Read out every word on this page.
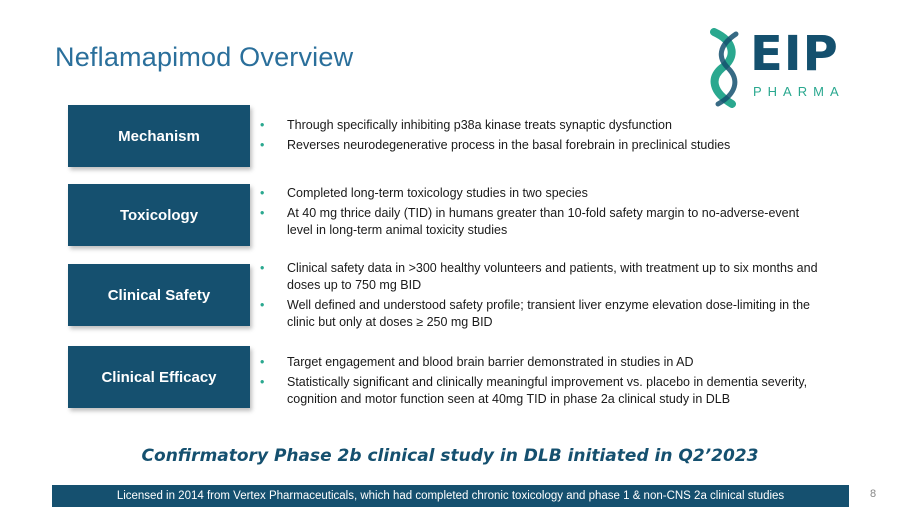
Neflamapimod Overview	EIP
PHARMA
Mechanism
• Through specifically inhibiting p38a kinase treats synaptic dysfunction
• Reverses neurodegenerative process in the basal forebrain in preclinical studies
Toxicology
• Completed long-term toxicology studies in two species
• At 40 mg thrice daily (TID) in humans greater than 10-fold safety margin to no-adverse-event level in long-term animal toxicity studies
Clinical Safety
• Clinical safety data in >300 healthy volunteers and patients, with treatment up to six months and doses up to 750 mg BID
• Well defined and understood safety profile; transient liver enzyme elevation dose-limiting in the clinic but only at doses ≥ 250 mg BID
Clinical Efficacy
• Target engagement and blood brain barrier demonstrated in studies in AD
• Statistically significant and clinically meaningful improvement vs. placebo in dementia severity, cognition and motor function seen at 40mg TID in phase 2a clinical study in DLB
Confirmatory Phase 2b clinical study in DLB initiated in Q2’2023
Licensed in 2014 from Vertex Pharmaceuticals, which had completed chronic toxicology and phase 1 & non-CNS 2a clinical studies	8
